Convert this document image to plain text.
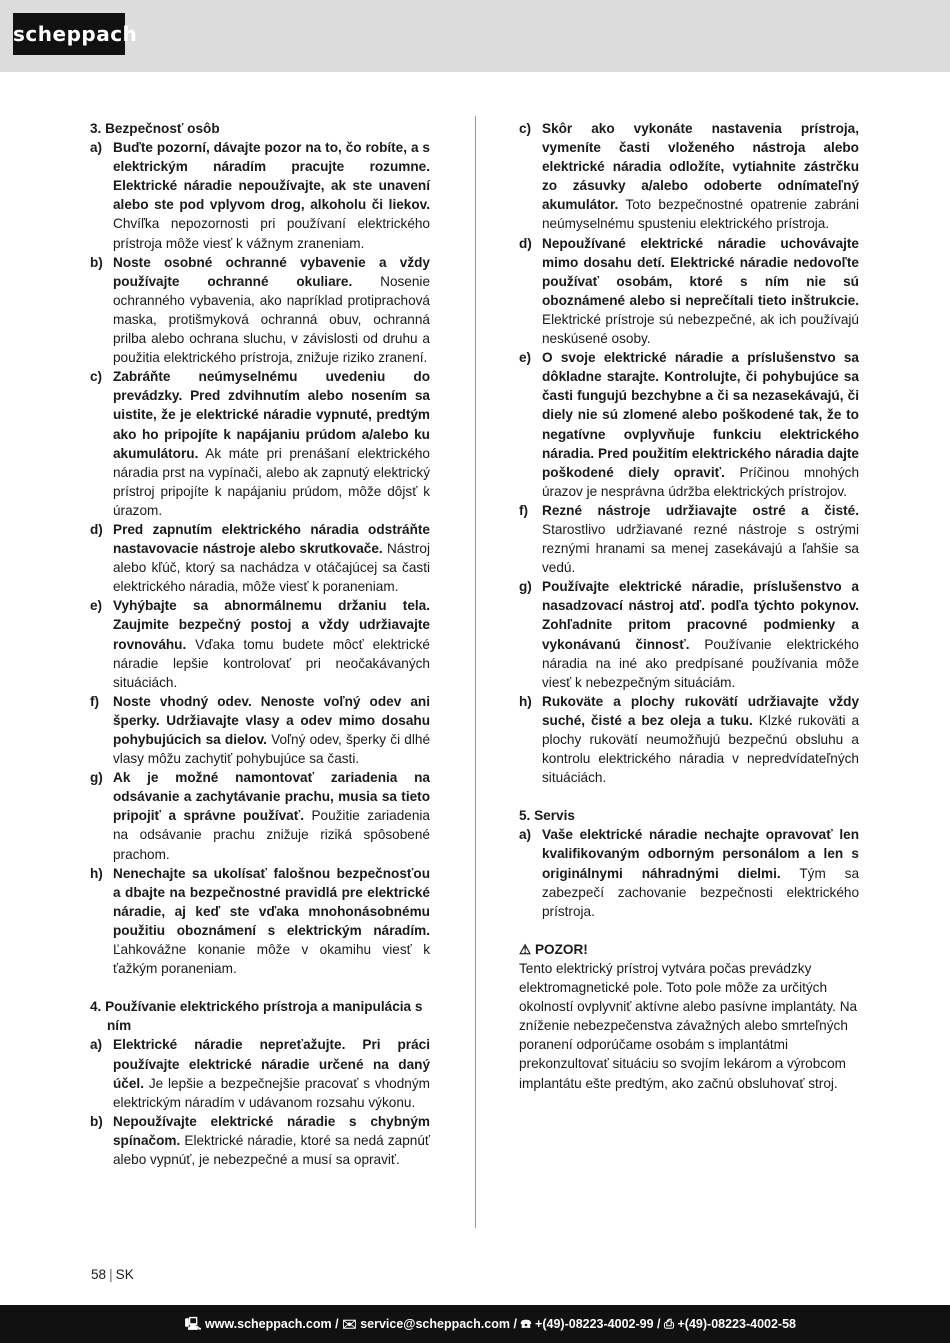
scheppach
3. Bezpečnosť osôb
a) Buďte pozorní, dávajte pozor na to, čo robíte, a s elektrickým náradím pracujte rozumne. Elektrické náradie nepoužívajte, ak ste unavení alebo ste pod vplyvom drog, alkoholu či liekov. Chvíľka nepozornosti pri používaní elektrického prístroja môže viesť k vážnym zraneniam.
b) Noste osobné ochranné vybavenie a vždy používajte ochranné okuliare. Nosenie ochranného vybavenia, ako napríklad protiprachová maska, protišmyková ochranná obuv, ochranná prilba alebo ochrana sluchu, v závislosti od druhu a použitia elektrického prístroja, znižuje riziko zranení.
c) Zabráňte neúmyselnému uvedeniu do prevádzky. Pred zdvihnutím alebo nosením sa uistite, že je elektrické náradie vypnuté, predtým ako ho pripojíte k napájaniu prúdom a/alebo ku akumulátoru. Ak máte pri prenášaní elektrického náradia prst na vypínači, alebo ak zapnutý elektrický prístroj pripojíte k napájaniu prúdom, môže dôjsť k úrazom.
d) Pred zapnutím elektrického náradia odstráňte nastavovacie nástroje alebo skrutkovače. Nástroj alebo kľúč, ktorý sa nachádza v otáčajúcej sa časti elektrického náradia, môže viesť k poraneniam.
e) Vyhýbajte sa abnormálnemu držaniu tela. Zaujmite bezpečný postoj a vždy udržiavajte rovnováhu. Vďaka tomu budete môcť elektrické náradie lepšie kontrolovať pri neočakávaných situáciách.
f)	Noste vhodný odev. Nenoste voľný odev ani šperky. Udržiavajte vlasy a odev mimo dosahu pohybujúcich sa dielov. Voľný odev, šperky či dlhé vlasy môžu zachytiť pohybujúce sa časti.
g) Ak je možné namontovať zariadenia na odsávanie a zachytávanie prachu, musia sa tieto pripojiť a správne používať. Použitie zariadenia na odsávanie prachu znižuje riziká spôsobené prachom.
h) Nenechajte sa ukolísať falošnou bezpečnosťou a dbajte na bezpečnostné pravidlá pre elektrické náradie, aj keď ste vďaka mnohonásobnému použitiu oboznámení s elektrickým náradím. Ľahkovážne konanie môže v okamihu viesť k ťažkým poraneniam.
4. Používanie elektrického prístroja a manipulácia s ním
a) Elektrické náradie nepreťažujte. Pri práci používajte elektrické náradie určené na daný účel. Je lepšie a bezpečnejšie pracovať s vhodným elektrickým náradím v udávanom rozsahu výkonu.
b) Nepoužívajte elektrické náradie s chybným spínačom. Elektrické náradie, ktoré sa nedá zapnúť alebo vypnúť, je nebezpečné a musí sa opraviť.
c) Skôr ako vykonáte nastavenia prístroja, vymeníte časti vloženého nástroja alebo elektrické náradia odložíte, vytiahnite zástrčku zo zásuvky a/alebo odoberte odnímateľný akumulátor. Toto bezpečnostné opatrenie zabráni neúmyselnému spusteniu elektrického prístroja.
d) Nepoužívané elektrické náradie uchovávajte mimo dosahu detí. Elektrické náradie nedovoľte používať osobám, ktoré s ním nie sú oboznámené alebo si neprečítali tieto inštrukcie. Elektrické prístroje sú nebezpečné, ak ich používajú neskúsené osoby.
e) O svoje elektrické náradie a príslušenstvo sa dôkladne starajte. Kontrolujte, či pohybujúce sa časti fungujú bezchybne a či sa nezasekávajú, či diely nie sú zlomené alebo poškodené tak, že to negatívne ovplyvňuje funkciu elektrického náradia. Pred použitím elektrického náradia dajte poškodené diely opraviť. Príčinou mnohých úrazov je nesprávna údržba elektrických prístrojov.
f)	Rezné nástroje udržiavajte ostré a čisté. Starostlivo udržiavané rezné nástroje s ostrými reznými hranami sa menej zasekávajú a ľahšie sa vedú.
g) Používajte elektrické náradie, príslušenstvo a nasadzovací nástroj atď. podľa týchto pokynov. Zohľadnite pritom pracovné podmienky a vykonávanú činnosť. Používanie elektrického náradia na iné ako predpísané používania môže viesť k nebezpečným situáciám.
h) Rukoväte a plochy rukovätí udržiavajte vždy suché, čisté a bez oleja a tuku. Klzké rukoväti a plochy rukovätí neumožňujú bezpečnú obsluhu a kontrolu elektrického náradia v nepredvídateľných situáciách.
5. Servis
a) Vaše elektrické náradie nechajte opravovať len kvalifikovaným odborným personálom a len s originálnymi náhradnými dielmi. Tým sa zabezpečí zachovanie bezpečnosti elektrického prístroja.
⚠ POZOR!
Tento elektrický prístroj vytvára počas prevádzky elektromagnetické pole. Toto pole môže za určitých okolností ovplyvniť aktívne alebo pasívne implantáty. Na zníženie nebezpečenstva závažných alebo smrteľných poranení odporúčame osobám s implantátmi prekonzultovať situáciu so svojím lekárom a výrobcom implantátu ešte predtým, ako začnú obsluhovať stroj.
58 | SK
🖳 www.scheppach.com / ✉ service@scheppach.com / ☎ +(49)-08223-4002-99 / ⎙ +(49)-08223-4002-58
